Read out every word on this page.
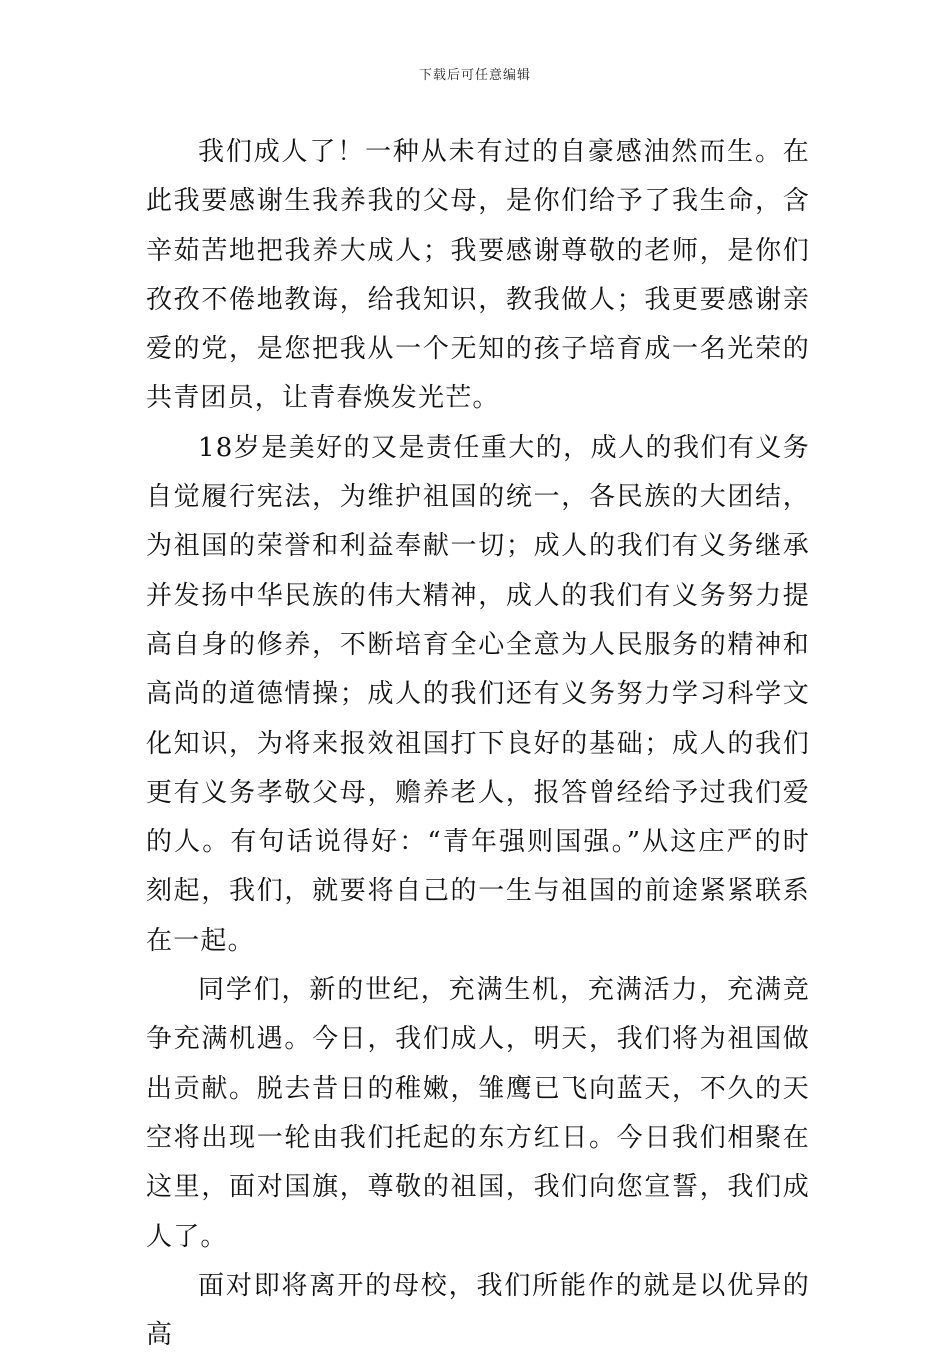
下载后可任意编辑

我们成人了！一种从未有过的自豪感油然而生。在此我要感谢生我养我的父母，是你们给予了我生命，含辛茹苦地把我养大成人；我要感谢尊敬的老师，是你们孜孜不倦地教诲，给我知识，教我做人；我更要感谢亲爱的党，是您把我从一个无知的孩子培育成一名光荣的共青团员，让青春焕发光芒。

18岁是美好的又是责任重大的，成人的我们有义务自觉履行宪法，为维护祖国的统一，各民族的大团结，为祖国的荣誉和利益奉献一切；成人的我们有义务继承并发扬中华民族的伟大精神，成人的我们有义务努力提高自身的修养，不断培育全心全意为人民服务的精神和高尚的道德情操；成人的我们还有义务努力学习科学文化知识，为将来报效祖国打下良好的基础；成人的我们更有义务孝敬父母，赡养老人，报答曾经给予过我们爱的人。有句话说得好：“青年强则国强。”从这庄严的时刻起，我们，就要将自己的一生与祖国的前途紧紧联系在一起。

同学们，新的世纪，充满生机，充满活力，充满竞争充满机遇。今日，我们成人，明天，我们将为祖国做出贡献。脱去昔日的稚嫩，雏鹰已飞向蓝天，不久的天空将出现一轮由我们托起的东方红日。今日我们相聚在这里，面对国旗，尊敬的祖国，我们向您宣誓，我们成人了。

面对即将离开的母校，我们所能作的就是以优异的高
